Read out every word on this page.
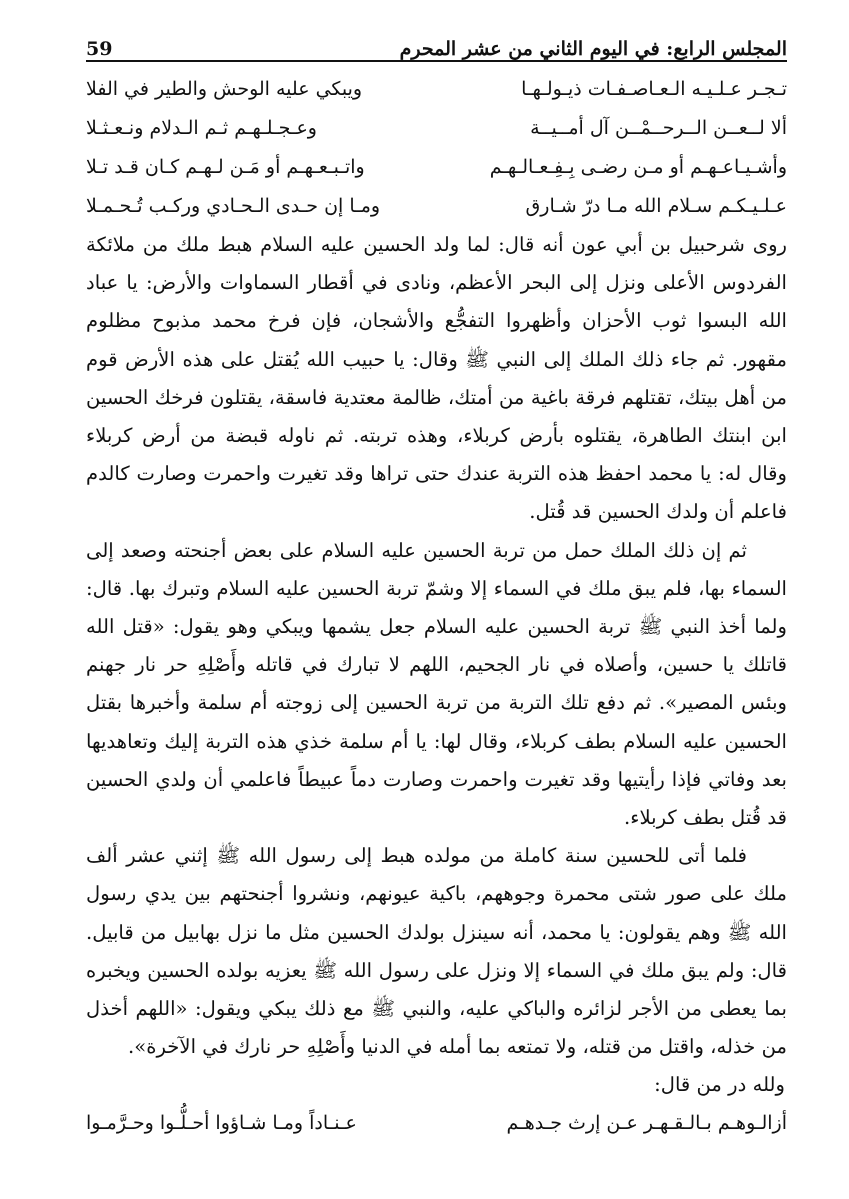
59	المجلس الرابع: في اليوم الثاني من عشر المحرم
تـجـر عـلـيـه الـعـاصـفـات ذيـولـهـا
ويبكي عليه الوحش والطير في الفلا
ألا لــعــن الــرحــمْــن آل أمــيــة
وعـجـلـهـم ثـم الـدلام ونـعـثـلا
وأشـيـاعـهـم أو مـن رضـى بِـفِـعـالـهـم
واتـبـعـهـم أو مَـن لـهـم كـان قـد تـلا
عـلـيـكـم سـلام الله مـا درّ شـارق
ومـا إن حـدى الـحـادي وركـب تُـحـمـلا

روى شرحبيل بن أبي عون أنه قال: لما ولد الحسين عليه السلام هبط ملك من ملائكة الفردوس الأعلى ونزل إلى البحر الأعظم، ونادى في أقطار السماوات والأرض: يا عباد الله البسوا ثوب الأحزان وأظهروا التفجُّع والأشجان، فإن فرخ محمد مذبوح مظلوم مقهور. ثم جاء ذلك الملك إلى النبي ﷺ وقال: يا حبيب الله يُقتل على هذه الأرض قوم من أهل بيتك، تقتلهم فرقة باغية من أمتك، ظالمة معتدية فاسقة، يقتلون فرخك الحسين ابن ابنتك الطاهرة، يقتلوه بأرض كربلاء، وهذه تربته. ثم ناوله قبضة من أرض كربلاء وقال له: يا محمد احفظ هذه التربة عندك حتى تراها وقد تغيرت واحمرت وصارت كالدم فاعلم أن ولدك الحسين قد قُتل.

ثم إن ذلك الملك حمل من تربة الحسين عليه السلام على بعض أجنحته وصعد إلى السماء بها، فلم يبق ملك في السماء إلا وشمّ تربة الحسين عليه السلام وتبرك بها. قال: ولما أخذ النبي ﷺ تربة الحسين عليه السلام جعل يشمها ويبكي وهو يقول: «قتل الله قاتلك يا حسين، وأصلاه في نار الجحيم، اللهم لا تبارك في قاتله وأَصْلِهِ حر نار جهنم وبئس المصير». ثم دفع تلك التربة من تربة الحسين إلى زوجته أم سلمة وأخبرها بقتل الحسين عليه السلام بطف كربلاء، وقال لها: يا أم سلمة خذي هذه التربة إليك وتعاهديها بعد وفاتي فإذا رأيتيها وقد تغيرت واحمرت وصارت دماً عبيطاً فاعلمي أن ولدي الحسين قد قُتل بطف كربلاء.

فلما أتى للحسين سنة كاملة من مولده هبط إلى رسول الله ﷺ إثني عشر ألف ملك على صور شتى محمرة وجوههم، باكية عيونهم، ونشروا أجنحتهم بين يدي رسول الله ﷺ وهم يقولون: يا محمد، أنه سينزل بولدك الحسين مثل ما نزل بهابيل من قابيل. قال: ولم يبق ملك في السماء إلا ونزل على رسول الله ﷺ يعزيه بولده الحسين ويخبره بما يعطى من الأجر لزائره والباكي عليه، والنبي ﷺ مع ذلك يبكي ويقول: «اللهم أخذل من خذله، واقتل من قتله، ولا تمتعه بما أمله في الدنيا وأَصْلِهِ حر نارك في الآخرة».

ولله در من قال:
أزالـوهـم بـالـقـهـر عـن إرث جـدهـم
عـنـاداً ومـا شـاؤوا أحـلُّـوا وحـرَّمـوا
